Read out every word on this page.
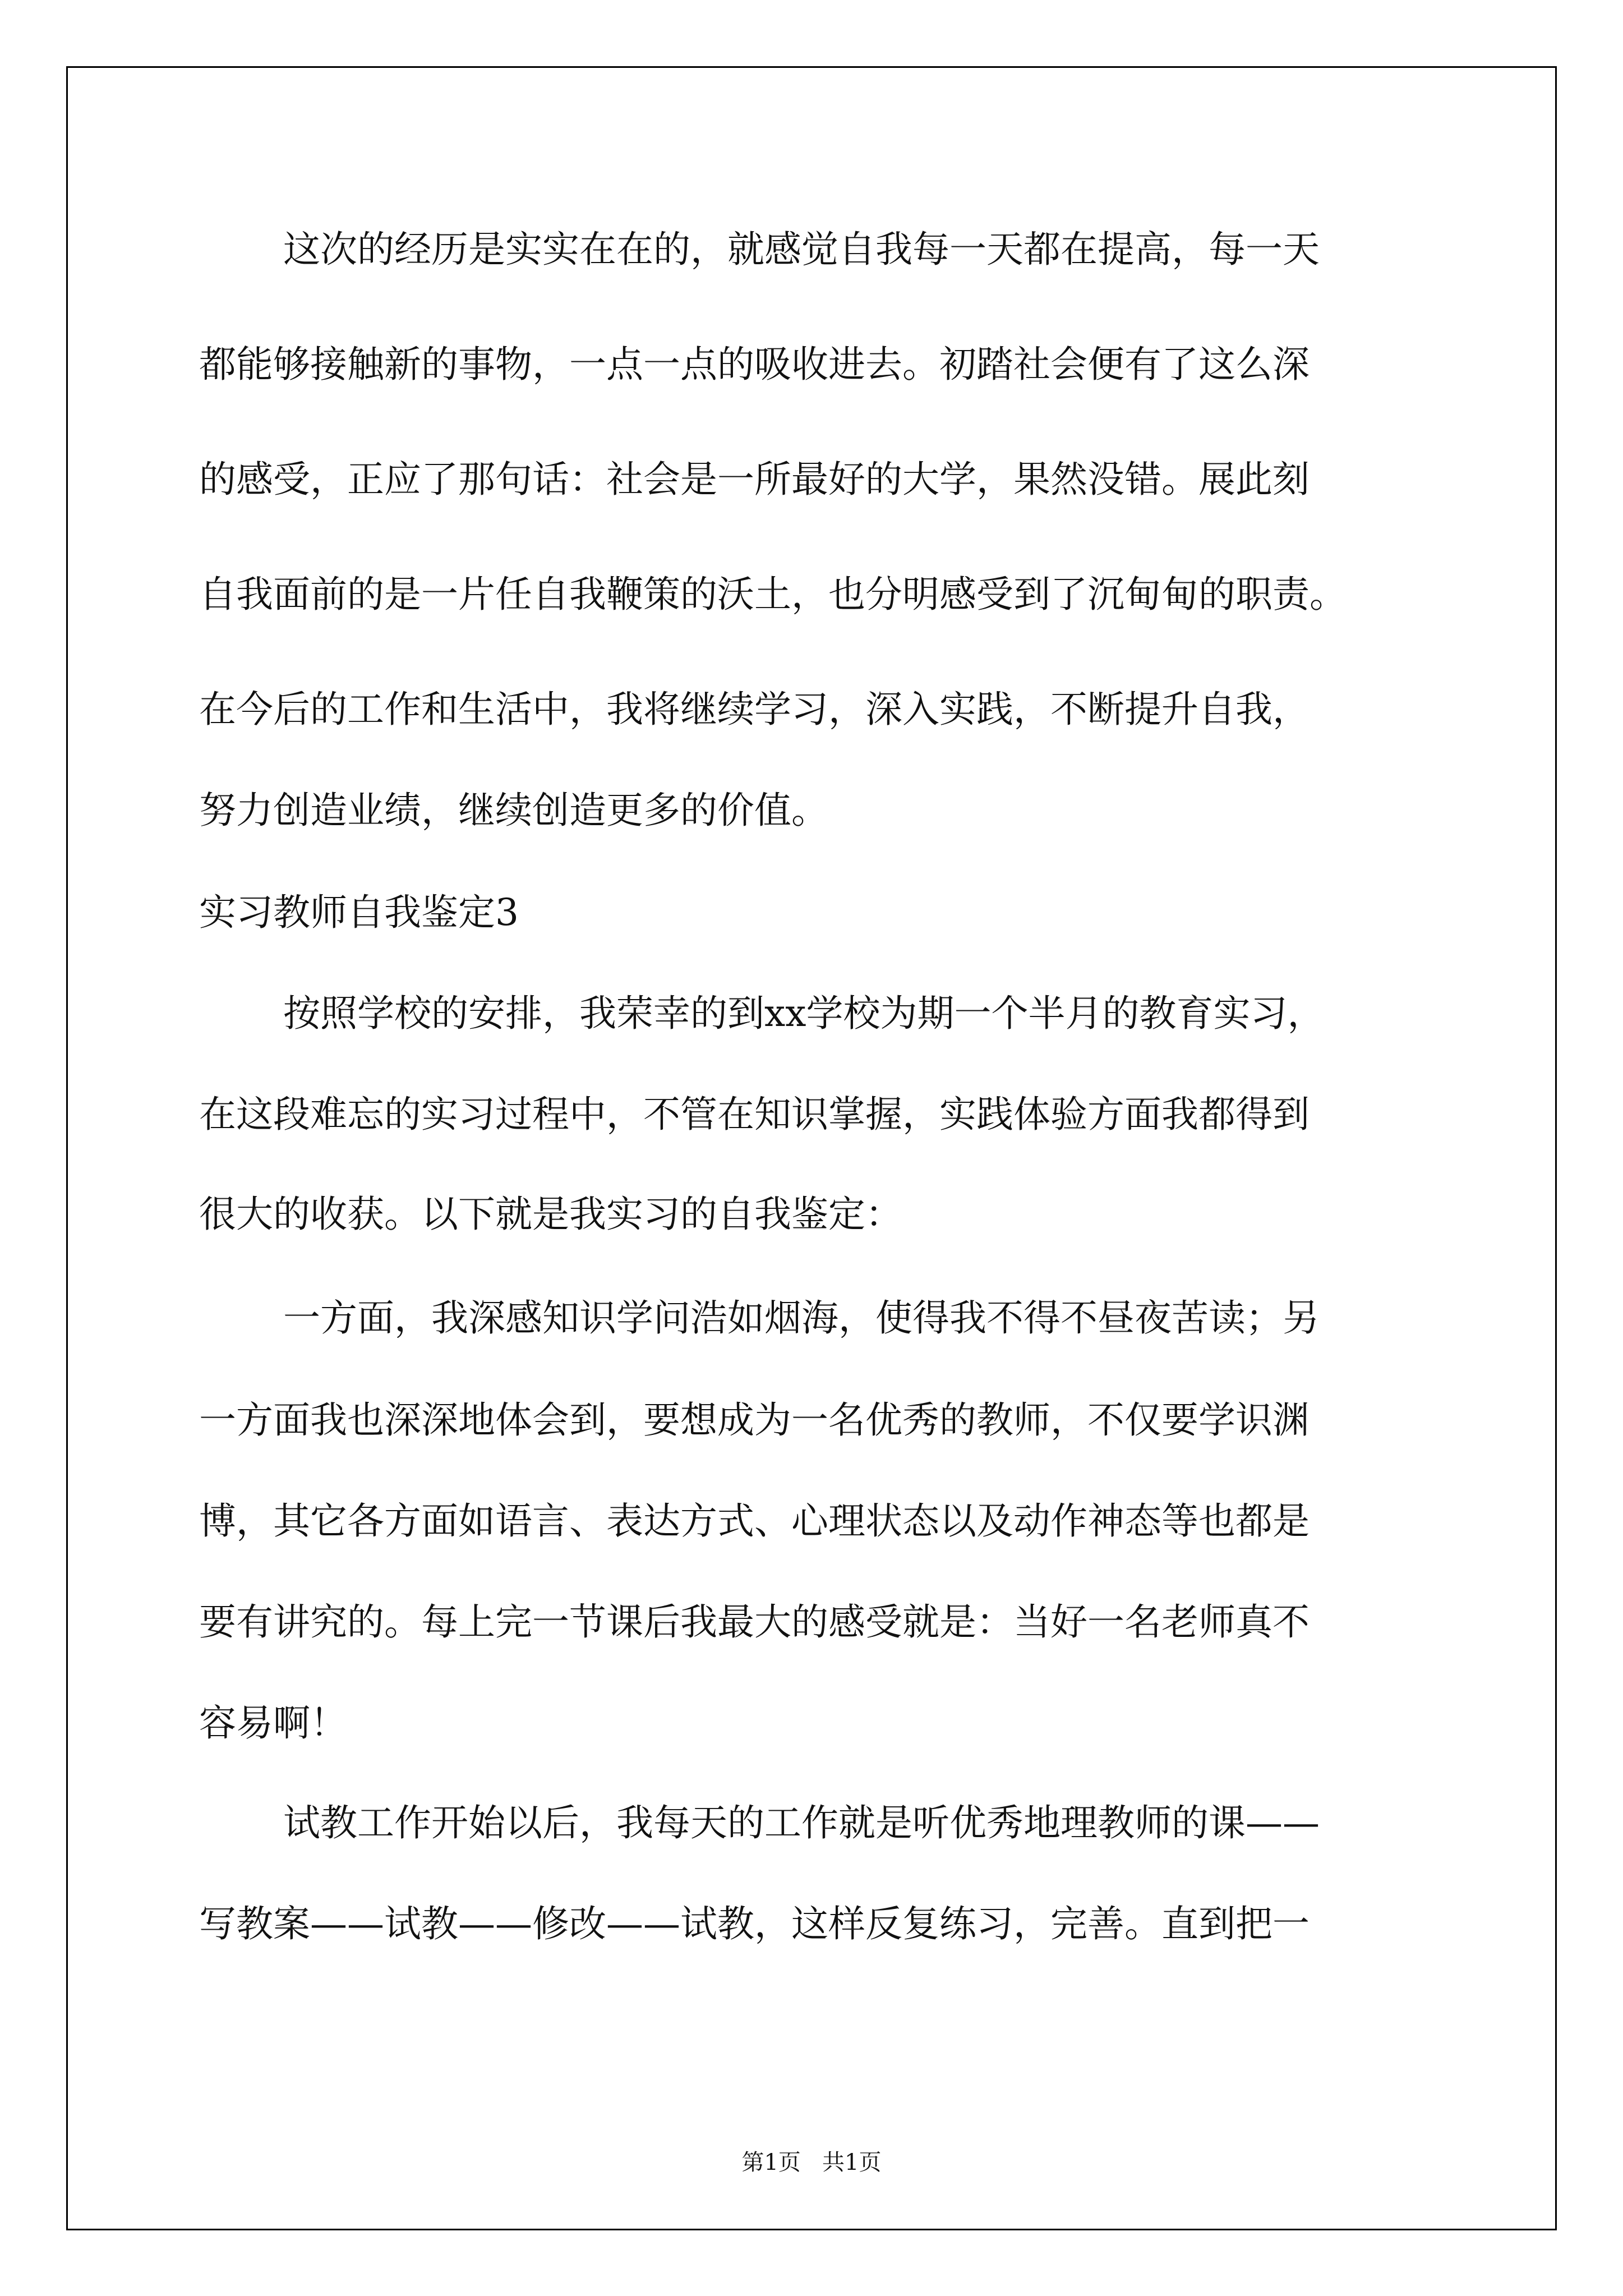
这次的经历是实实在在的，就感觉自我每一天都在提高，每一天

都能够接触新的事物，一点一点的吸收进去。初踏社会便有了这么深

的感受，正应了那句话：社会是一所最好的大学，果然没错。展此刻

自我面前的是一片任自我鞭策的沃土，也分明感受到了沉甸甸的职责。

在今后的工作和生活中，我将继续学习，深入实践，不断提升自我，

努力创造业绩，继续创造更多的价值。

实习教师自我鉴定3

按照学校的安排，我荣幸的到xx学校为期一个半月的教育实习，

在这段难忘的实习过程中，不管在知识掌握，实践体验方面我都得到

很大的收获。以下就是我实习的自我鉴定：

一方面，我深感知识学问浩如烟海，使得我不得不昼夜苦读；另

一方面我也深深地体会到，要想成为一名优秀的教师，不仅要学识渊

博，其它各方面如语言、表达方式、心理状态以及动作神态等也都是

要有讲究的。每上完一节课后我最大的感受就是：当好一名老师真不

容易啊！

试教工作开始以后，我每天的工作就是听优秀地理教师的课——

写教案——试教——修改——试教，这样反复练习，完善。直到把一

第1页   共1页
